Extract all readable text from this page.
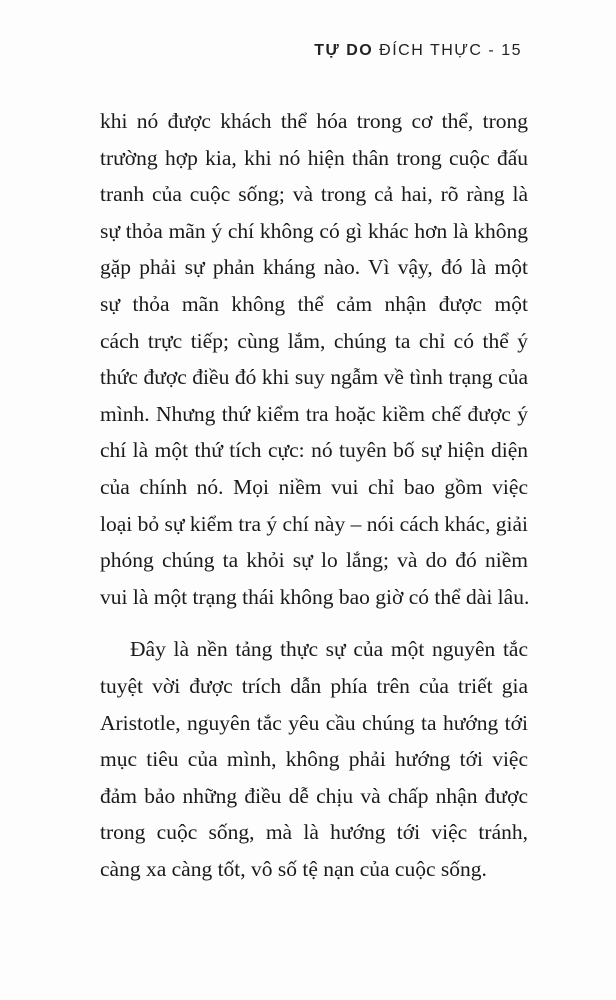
TỰ DO ĐÍCH THỰC - 15
khi nó được khách thể hóa trong cơ thể, trong
trường hợp kia, khi nó hiện thân trong cuộc đấu
tranh của cuộc sống; và trong cả hai, rõ ràng là
sự thỏa mãn ý chí không có gì khác hơn là không
gặp phải sự phản kháng nào. Vì vậy, đó là một
sự thỏa mãn không thể cảm nhận được một
cách trực tiếp; cùng lắm, chúng ta chỉ có thể ý
thức được điều đó khi suy ngẫm về tình trạng của
mình. Nhưng thứ kiểm tra hoặc kiềm chế được ý
chí là một thứ tích cực: nó tuyên bố sự hiện diện
của chính nó. Mọi niềm vui chỉ bao gồm việc
loại bỏ sự kiểm tra ý chí này – nói cách khác, giải
phóng chúng ta khỏi sự lo lắng; và do đó niềm
vui là một trạng thái không bao giờ có thể dài lâu.
Đây là nền tảng thực sự của một nguyên tắc
tuyệt vời được trích dẫn phía trên của triết gia
Aristotle, nguyên tắc yêu cầu chúng ta hướng tới
mục tiêu của mình, không phải hướng tới việc
đảm bảo những điều dễ chịu và chấp nhận được
trong cuộc sống, mà là hướng tới việc tránh,
càng xa càng tốt, vô số tệ nạn của cuộc sống.
